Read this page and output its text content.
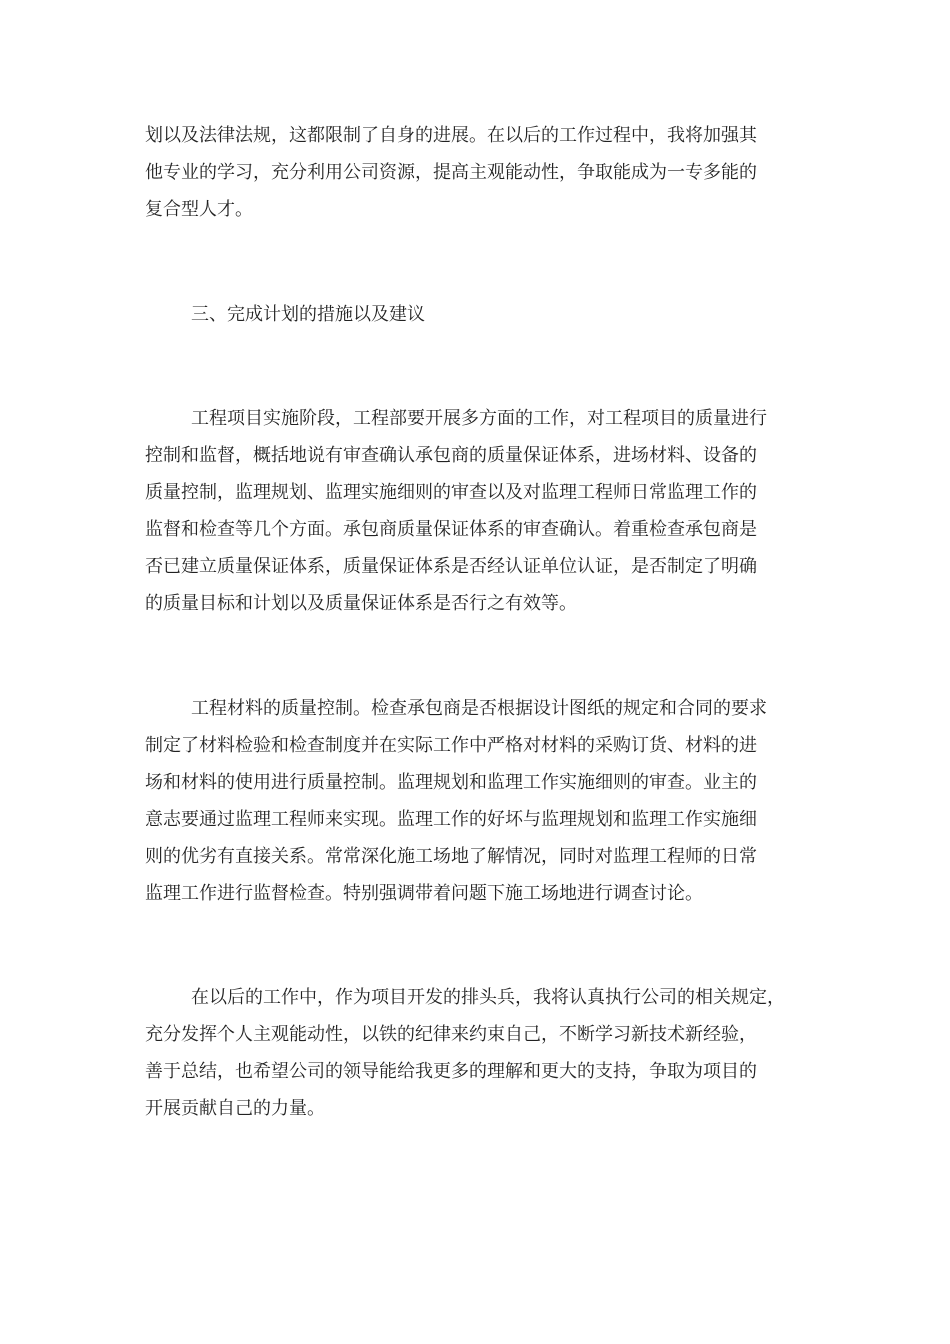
划以及法律法规，这都限制了自身的进展。在以后的工作过程中，我将加强其

他专业的学习，充分利用公司资源，提高主观能动性，争取能成为一专多能的

复合型人才。

三、完成计划的措施以及建议

工程项目实施阶段，工程部要开展多方面的工作，对工程项目的质量进行

控制和监督，概括地说有审查确认承包商的质量保证体系，进场材料、设备的

质量控制，监理规划、监理实施细则的审查以及对监理工程师日常监理工作的

监督和检查等几个方面。承包商质量保证体系的审查确认。着重检查承包商是

否已建立质量保证体系，质量保证体系是否经认证单位认证，是否制定了明确

的质量目标和计划以及质量保证体系是否行之有效等。

工程材料的质量控制。检查承包商是否根据设计图纸的规定和合同的要求

制定了材料检验和检查制度并在实际工作中严格对材料的采购订货、材料的进

场和材料的使用进行质量控制。监理规划和监理工作实施细则的审查。业主的

意志要通过监理工程师来实现。监理工作的好坏与监理规划和监理工作实施细

则的优劣有直接关系。常常深化施工场地了解情况，同时对监理工程师的日常

监理工作进行监督检查。特别强调带着问题下施工场地进行调查讨论。

在以后的工作中，作为项目开发的排头兵，我将认真执行公司的相关规定，

充分发挥个人主观能动性，以铁的纪律来约束自己，不断学习新技术新经验，

善于总结，也希望公司的领导能给我更多的理解和更大的支持，争取为项目的

开展贡献自己的力量。
